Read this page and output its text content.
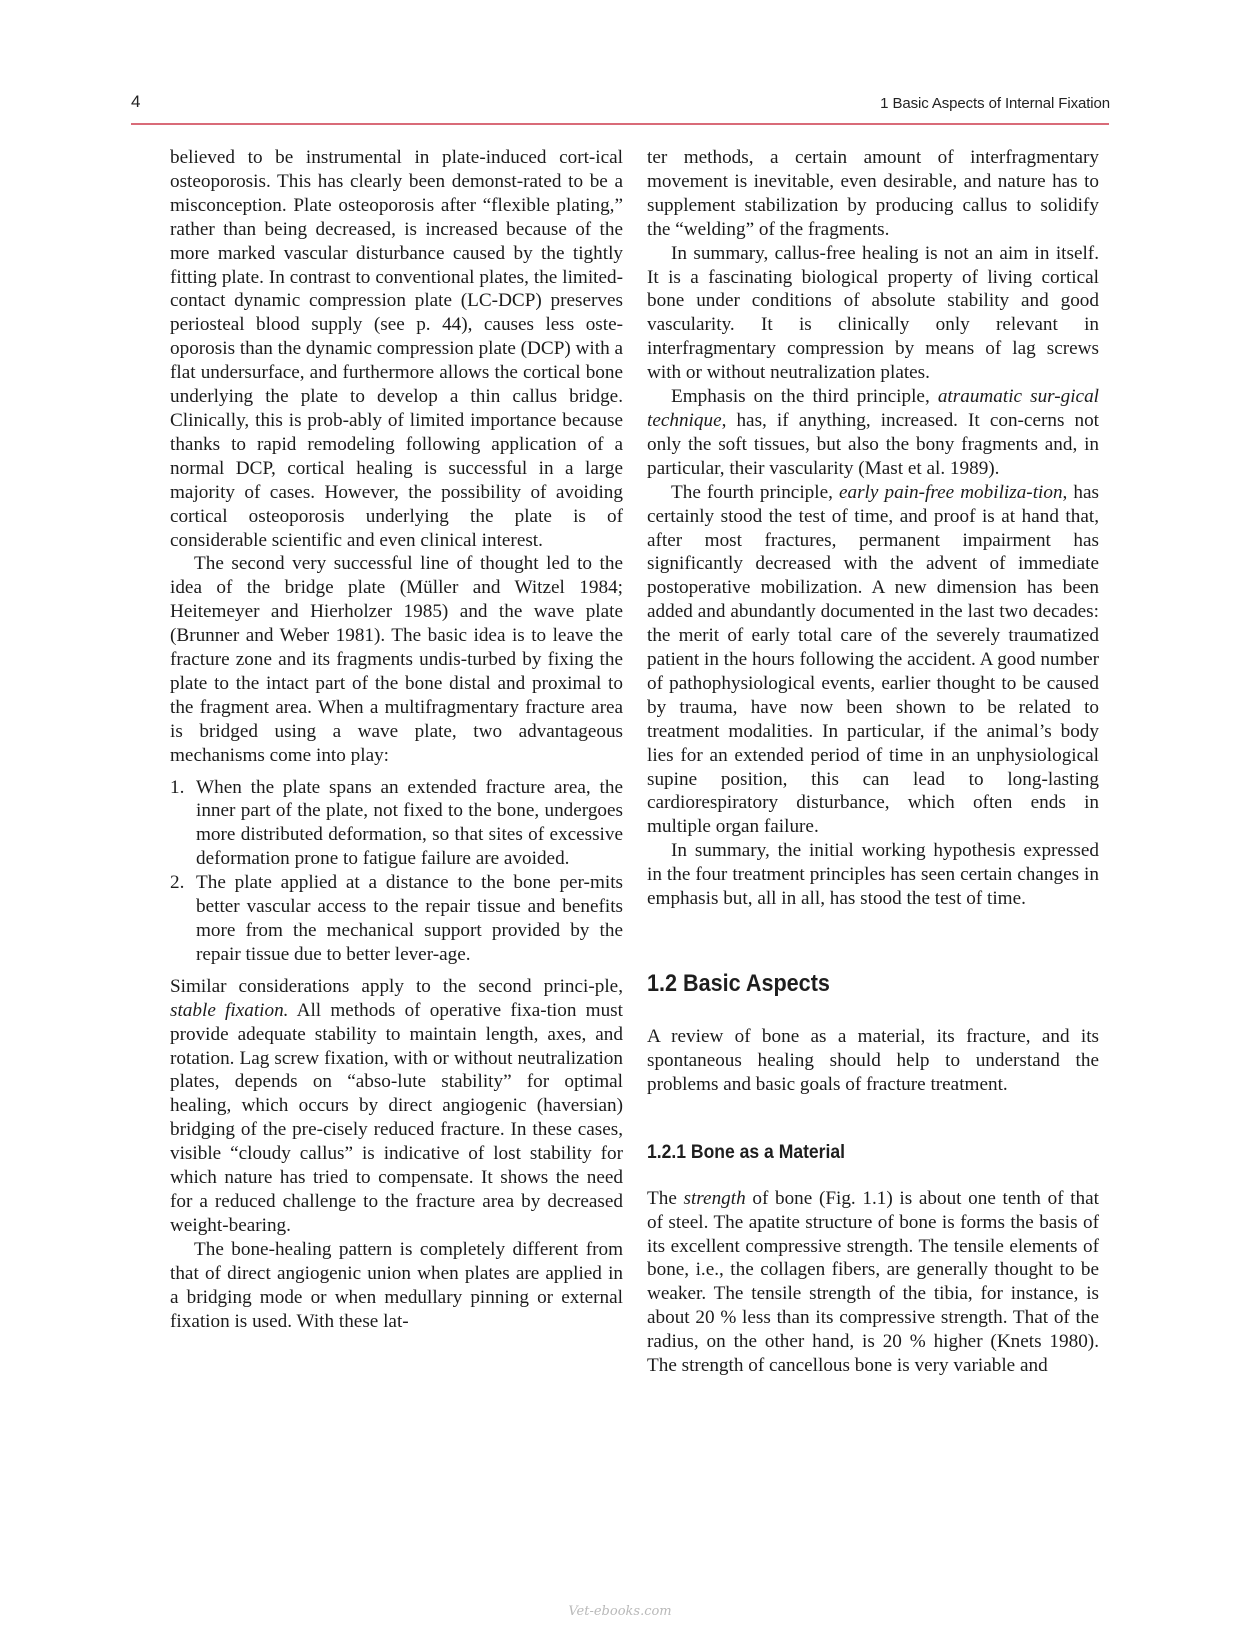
4	1 Basic Aspects of Internal Fixation

believed to be instrumental in plate-induced cort-ical osteoporosis. This has clearly been demonst-rated to be a misconception. Plate osteoporosis after “flexible plating,” rather than being decreased, is increased because of the more marked vascular disturbance caused by the tightly fitting plate. In contrast to conventional plates, the limited-contact dynamic compression plate (LC-DCP) preserves periosteal blood supply (see p. 44), causes less oste-oporosis than the dynamic compression plate (DCP) with a flat undersurface, and furthermore allows the cortical bone underlying the plate to develop a thin callus bridge. Clinically, this is prob-ably of limited importance because thanks to rapid remodeling following application of a normal DCP, cortical healing is successful in a large majority of cases. However, the possibility of avoiding cortical osteoporosis underlying the plate is of considerable scientific and even clinical interest.

The second very successful line of thought led to the idea of the bridge plate (Müller and Witzel 1984; Heitemeyer and Hierholzer 1985) and the wave plate (Brunner and Weber 1981). The basic idea is to leave the fracture zone and its fragments undis-turbed by fixing the plate to the intact part of the bone distal and proximal to the fragment area. When a multifragmentary fracture area is bridged using a wave plate, two advantageous mechanisms come into play:

1. When the plate spans an extended fracture area, the inner part of the plate, not fixed to the bone, undergoes more distributed deformation, so that sites of excessive deformation prone to fatigue failure are avoided.
2. The plate applied at a distance to the bone per-mits better vascular access to the repair tissue and benefits more from the mechanical support provided by the repair tissue due to better lever-age.

Similar considerations apply to the second princi-ple, stable fixation. All methods of operative fixa-tion must provide adequate stability to maintain length, axes, and rotation. Lag screw fixation, with or without neutralization plates, depends on “abso-lute stability” for optimal healing, which occurs by direct angiogenic (haversian) bridging of the pre-cisely reduced fracture. In these cases, visible “cloudy callus” is indicative of lost stability for which nature has tried to compensate. It shows the need for a reduced challenge to the fracture area by decreased weight-bearing.

The bone-healing pattern is completely different from that of direct angiogenic union when plates are applied in a bridging mode or when medullary pinning or external fixation is used. With these lat-

ter methods, a certain amount of interfragmentary movement is inevitable, even desirable, and nature has to supplement stabilization by producing callus to solidify the “welding” of the fragments.

In summary, callus-free healing is not an aim in itself. It is a fascinating biological property of living cortical bone under conditions of absolute stability and good vascularity. It is clinically only relevant in interfragmentary compression by means of lag screws with or without neutralization plates.

Emphasis on the third principle, atraumatic sur-gical technique, has, if anything, increased. It con-cerns not only the soft tissues, but also the bony fragments and, in particular, their vascularity (Mast et al. 1989).

The fourth principle, early pain-free mobiliza-tion, has certainly stood the test of time, and proof is at hand that, after most fractures, permanent impairment has significantly decreased with the advent of immediate postoperative mobilization. A new dimension has been added and abundantly documented in the last two decades: the merit of early total care of the severely traumatized patient in the hours following the accident. A good number of pathophysiological events, earlier thought to be caused by trauma, have now been shown to be related to treatment modalities. In particular, if the animal’s body lies for an extended period of time in an unphysiological supine position, this can lead to long-lasting cardiorespiratory disturbance, which often ends in multiple organ failure.

In summary, the initial working hypothesis expressed in the four treatment principles has seen certain changes in emphasis but, all in all, has stood the test of time.

1.2 Basic Aspects

A review of bone as a material, its fracture, and its spontaneous healing should help to understand the problems and basic goals of fracture treatment.

1.2.1 Bone as a Material

The strength of bone (Fig. 1.1) is about one tenth of that of steel. The apatite structure of bone is forms the basis of its excellent compressive strength. The tensile elements of bone, i.e., the collagen fibers, are generally thought to be weaker. The tensile strength of the tibia, for instance, is about 20 % less than its compressive strength. That of the radius, on the other hand, is 20 % higher (Knets 1980). The strength of cancellous bone is very variable and

Vet-ebooks.com
